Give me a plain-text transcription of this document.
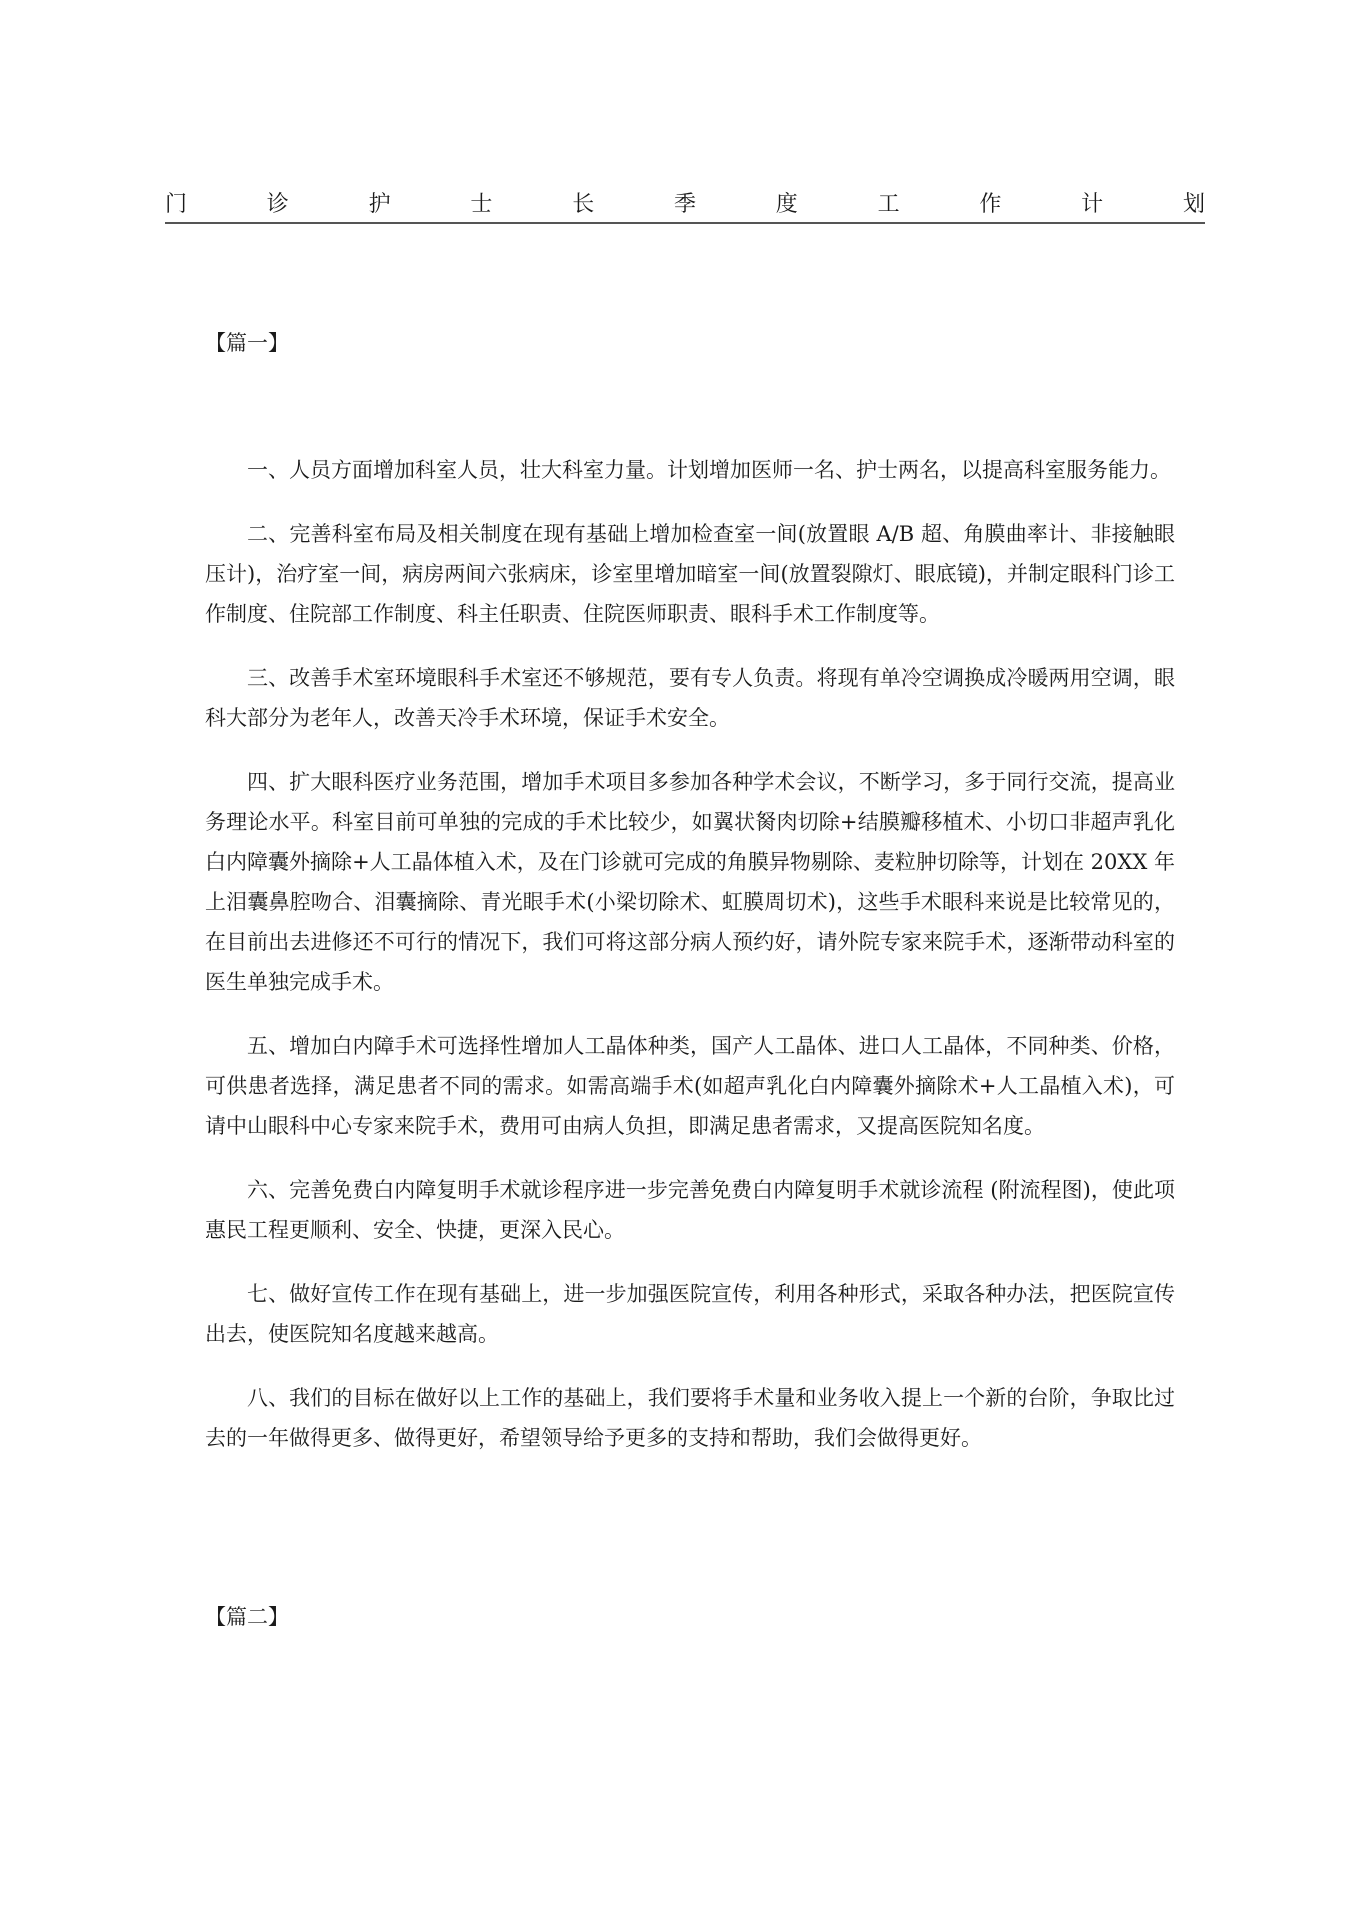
门	诊	护	士	长	季	度	工	作	计	划
【篇一】

一、人员方面增加科室人员，壮大科室力量。计划增加医师一名、护士两名，以提高科室服务能力。

二、完善科室布局及相关制度在现有基础上增加检查室一间(放置眼 A/B 超、角膜曲率计、非接触眼压计)，治疗室一间，病房两间六张病床，诊室里增加暗室一间(放置裂隙灯、眼底镜)，并制定眼科门诊工作制度、住院部工作制度、科主任职责、住院医师职责、眼科手术工作制度等。

三、改善手术室环境眼科手术室还不够规范，要有专人负责。将现有单冷空调换成冷暖两用空调，眼科大部分为老年人，改善天冷手术环境，保证手术安全。

四、扩大眼科医疗业务范围，增加手术项目多参加各种学术会议，不断学习，多于同行交流，提高业务理论水平。科室目前可单独的完成的手术比较少，如翼状胬肉切除+结膜瓣移植术、小切口非超声乳化白内障囊外摘除+人工晶体植入术，及在门诊就可完成的角膜异物剔除、麦粒肿切除等，计划在 20XX 年上泪囊鼻腔吻合、泪囊摘除、青光眼手术(小梁切除术、虹膜周切术)，这些手术眼科来说是比较常见的，在目前出去进修还不可行的情况下，我们可将这部分病人预约好，请外院专家来院手术，逐渐带动科室的医生单独完成手术。

五、增加白内障手术可选择性增加人工晶体种类，国产人工晶体、进口人工晶体，不同种类、价格，可供患者选择，满足患者不同的需求。如需高端手术(如超声乳化白内障囊外摘除术+人工晶植入术)，可请中山眼科中心专家来院手术，费用可由病人负担，即满足患者需求，又提高医院知名度。

六、完善免费白内障复明手术就诊程序进一步完善免费白内障复明手术就诊流程 (附流程图)，使此项惠民工程更顺利、安全、快捷，更深入民心。

七、做好宣传工作在现有基础上，进一步加强医院宣传，利用各种形式，采取各种办法，把医院宣传出去，使医院知名度越来越高。

八、我们的目标在做好以上工作的基础上，我们要将手术量和业务收入提上一个新的台阶，争取比过去的一年做得更多、做得更好，希望领导给予更多的支持和帮助，我们会做得更好。

【篇二】
